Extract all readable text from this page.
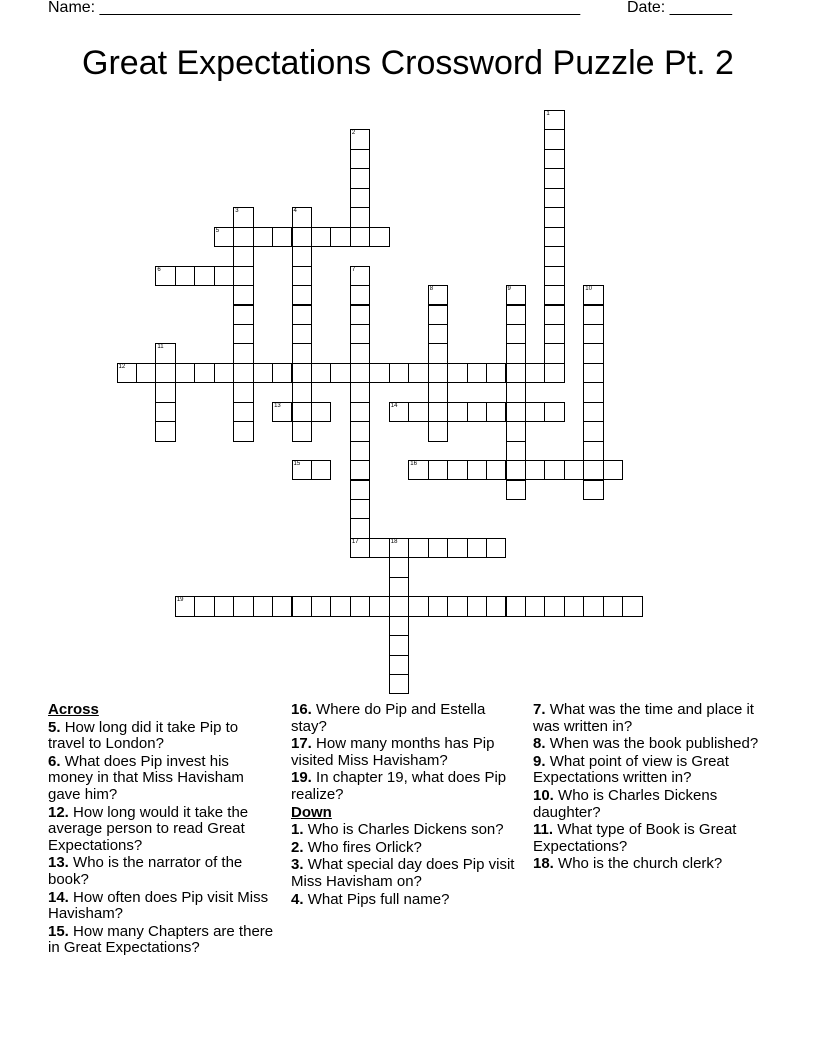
Name: ______________________________________________________	Date: _______
Great Expectations Crossword Puzzle Pt. 2
1
2
3	4
5
6	7
17
8	9	10
11
12
13	14
15	16
18
19
Across
5. How long did it take Pip to travel to London?
6. What does Pip invest his money in that Miss Havisham gave him?
12. How long would it take the average person to read Great Expectations?
13. Who is the narrator of the book?
14. How often does Pip visit Miss Havisham?
15. How many Chapters are there in Great Expectations?
16. Where do Pip and Estella stay?
17. How many months has Pip visited Miss Havisham?
19. In chapter 19, what does Pip realize?
Down
1. Who is Charles Dickens son?
2. Who fires Orlick?
3. What special day does Pip visit Miss Havisham on?
4. What Pips full name?
7. What was the time and place it was written in?
8. When was the book published?
9. What point of view is Great Expectations written in?
10. Who is Charles Dickens daughter?
11. What type of Book is Great Expectations?
18. Who is the church clerk?
